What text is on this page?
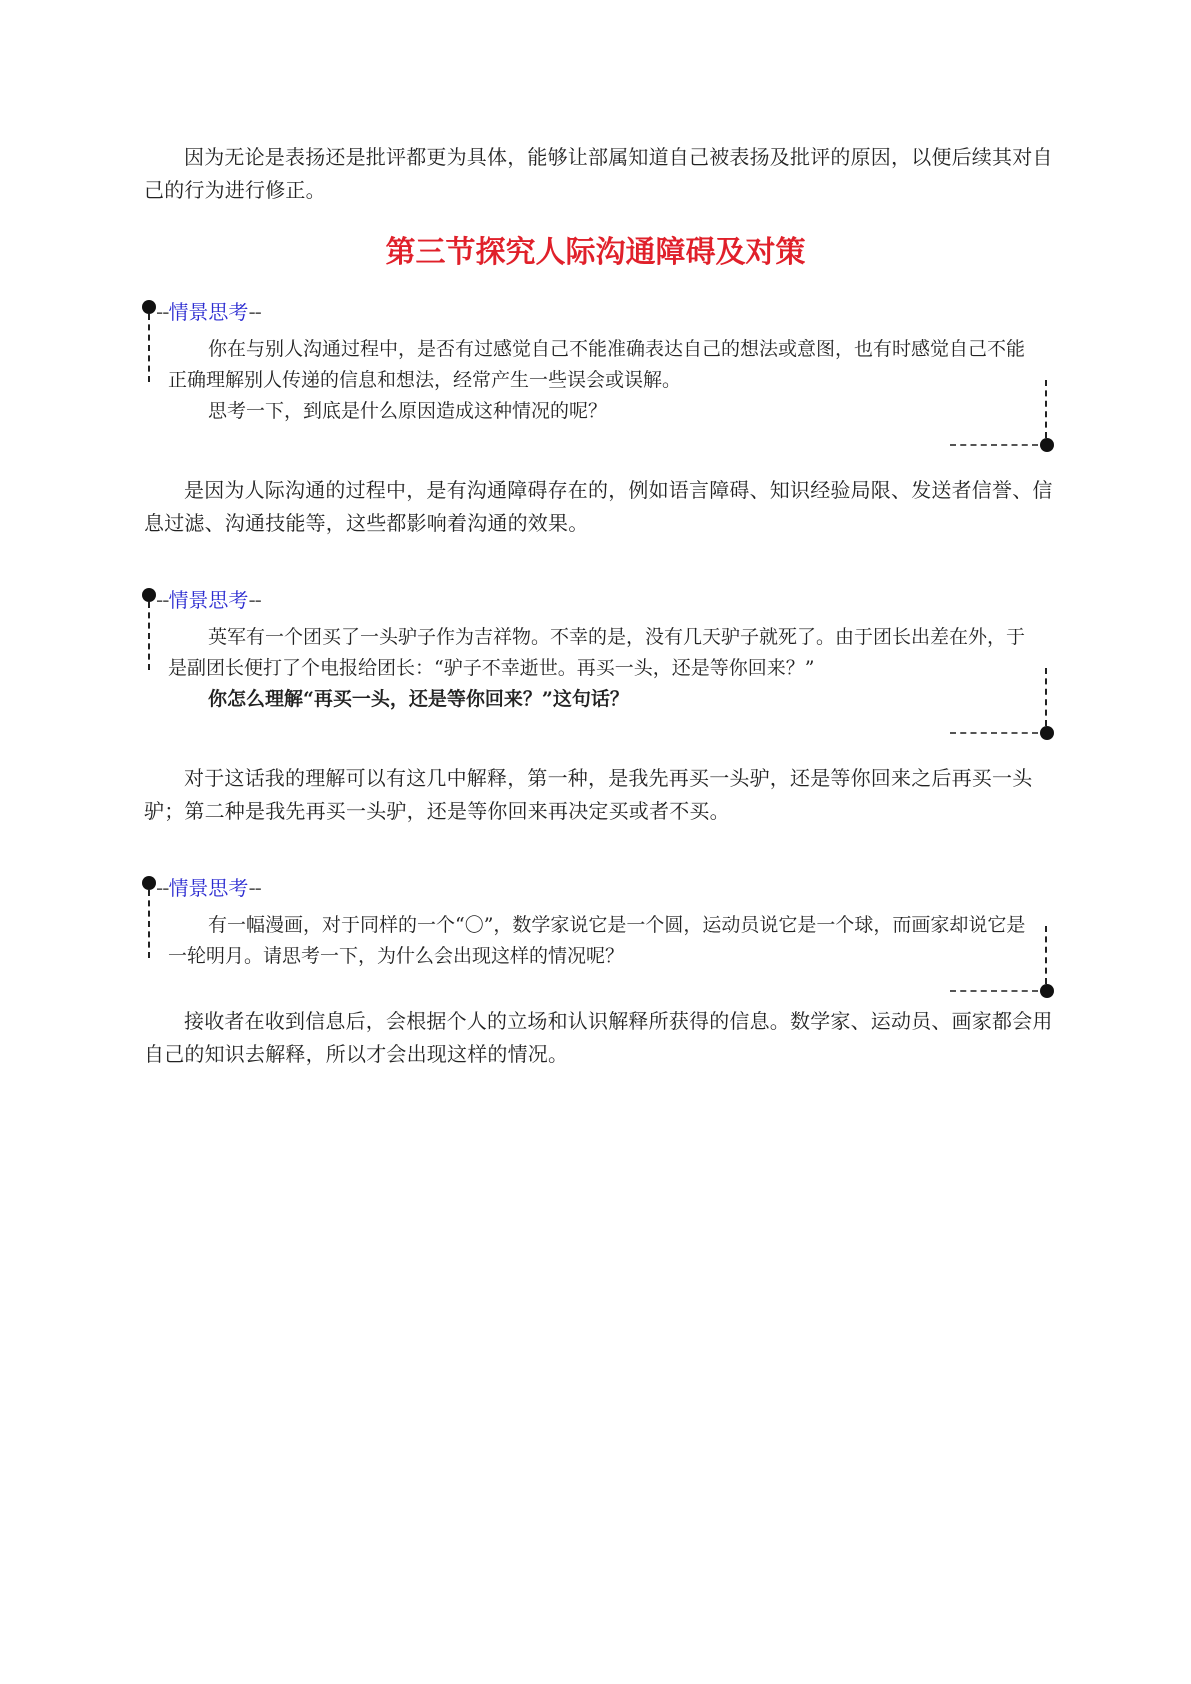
因为无论是表扬还是批评都更为具体，能够让部属知道自己被表扬及批评的原因，以便后续其对自己的行为进行修正。

第三节探究人际沟通障碍及对策
--情景思考--

你在与别人沟通过程中，是否有过感觉自己不能准确表达自己的想法或意图，也有时感觉自己不能正确理解别人传递的信息和想法，经常产生一些误会或误解。

思考一下，到底是什么原因造成这种情况的呢？

是因为人际沟通的过程中，是有沟通障碍存在的，例如语言障碍、知识经验局限、发送者信誉、信息过滤、沟通技能等，这些都影响着沟通的效果。

--情景思考--

英军有一个团买了一头驴子作为吉祥物。不幸的是，没有几天驴子就死了。由于团长出差在外，于是副团长便打了个电报给团长：“驴子不幸逝世。再买一头，还是等你回来？”

你怎么理解“再买一头，还是等你回来？”这句话？

对于这话我的理解可以有这几中解释，第一种，是我先再买一头驴，还是等你回来之后再买一头驴；第二种是我先再买一头驴，还是等你回来再决定买或者不买。

--情景思考--

有一幅漫画，对于同样的一个“〇”，数学家说它是一个圆，运动员说它是一个球，而画家却说它是一轮明月。请思考一下，为什么会出现这样的情况呢？

接收者在收到信息后，会根据个人的立场和认识解释所获得的信息。数学家、运动员、画家都会用自己的知识去解释，所以才会出现这样的情况。
